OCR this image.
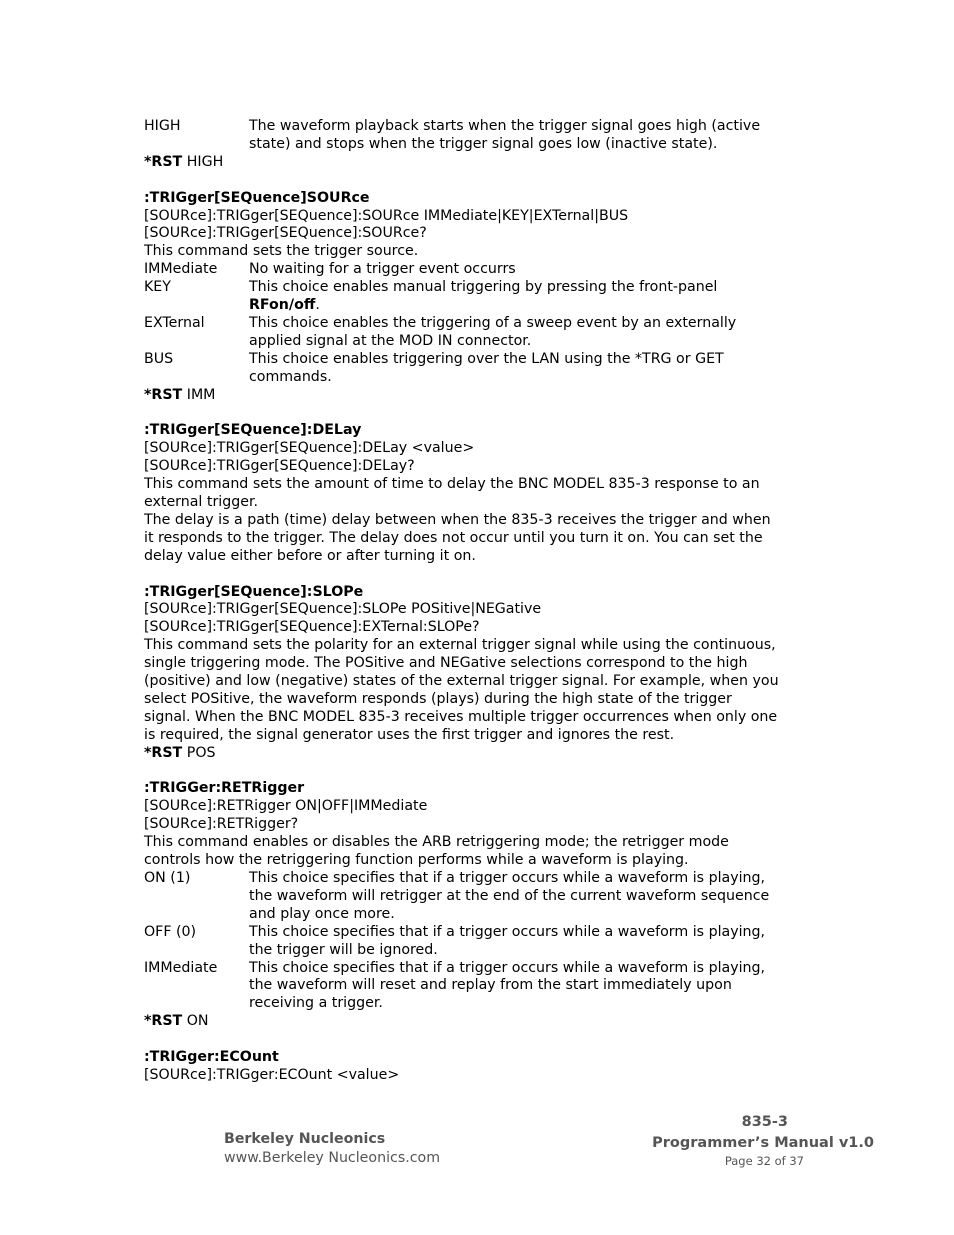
HIGH	The waveform playback starts when the trigger signal goes high (active
state) and stops when the trigger signal goes low (inactive state).
*RST HIGH
:TRIGger[SEQuence]SOURce
[SOURce]:TRIGger[SEQuence]:SOURce IMMediate|KEY|EXTernal|BUS
[SOURce]:TRIGger[SEQuence]:SOURce?
This command sets the trigger source.
IMMediate	No waiting for a trigger event occurrs
KEY	This choice enables manual triggering by pressing the front-panel
RFon/off.
EXTernal	This choice enables the triggering of a sweep event by an externally
applied signal at the MOD IN connector.
BUS	This choice enables triggering over the LAN using the *TRG or GET
commands.
*RST IMM
:TRIGger[SEQuence]:DELay
[SOURce]:TRIGger[SEQuence]:DELay <value>
[SOURce]:TRIGger[SEQuence]:DELay?
This command sets the amount of time to delay the BNC MODEL 835-3 response to an
external trigger.
The delay is a path (time) delay between when the 835-3 receives the trigger and when
it responds to the trigger. The delay does not occur until you turn it on. You can set the
delay value either before or after turning it on.
:TRIGger[SEQuence]:SLOPe
[SOURce]:TRIGger[SEQuence]:SLOPe POSitive|NEGative
[SOURce]:TRIGger[SEQuence]:EXTernal:SLOPe?
This command sets the polarity for an external trigger signal while using the continuous,
single triggering mode. The POSitive and NEGative selections correspond to the high
(positive) and low (negative) states of the external trigger signal. For example, when you
select POSitive, the waveform responds (plays) during the high state of the trigger
signal. When the BNC MODEL 835-3 receives multiple trigger occurrences when only one
is required, the signal generator uses the first trigger and ignores the rest.
*RST POS
:TRIGGer:RETRigger
[SOURce]:RETRigger ON|OFF|IMMediate
[SOURce]:RETRigger?
This command enables or disables the ARB retriggering mode; the retrigger mode
controls how the retriggering function performs while a waveform is playing.
ON (1)	This choice specifies that if a trigger occurs while a waveform is playing,
the waveform will retrigger at the end of the current waveform sequence
and play once more.
OFF (0)	This choice specifies that if a trigger occurs while a waveform is playing,
the trigger will be ignored.
IMMediate	This choice specifies that if a trigger occurs while a waveform is playing,
the waveform will reset and replay from the start immediately upon
receiving a trigger.
*RST ON
:TRIGger:ECOunt
[SOURce]:TRIGger:ECOunt <value>
Berkeley Nucleonics
www.Berkeley Nucleonics.com
835-3
Programmer’s Manual v1.0
Page 32 of 37
